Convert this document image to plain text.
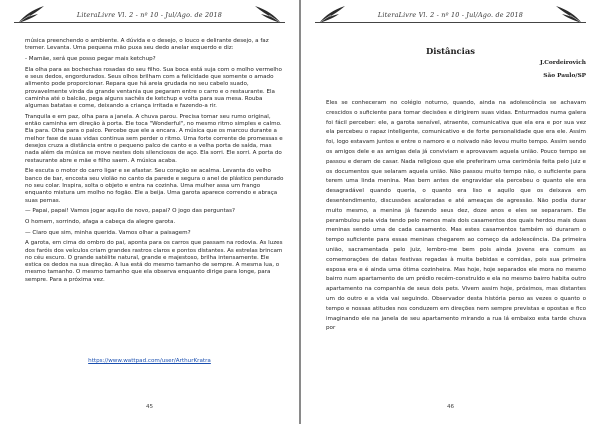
LiteraLivre Vl. 2 - nº 10 - Jul/Ago. de 2018

música preenchendo o ambiente. A dúvida e o desejo, o louco e delirante desejo, a faz tremer. Levanta. Uma pequena mão puxa seu dedo anelar esquerdo e diz:

- Mamãe, será que posso pegar mais ketchup?

Ela olha para as bochechas rosadas do seu filho. Sua boca está suja com o molho vermelho e seus dedos, engordurados. Seus olhos brilham com a felicidade que somente o amado alimento pode proporcionar. Repara que há areia grudada no seu cabelo suado, provavelmente vinda da grande ventania que pegaram entre o carro e o restaurante. Ela caminha até o balcão, pega alguns sachês de ketchup e volta para sua mesa. Rouba algumas batatas e come, deixando a criança irritada e fazendo-a rir.

Tranquila e em paz, olha para a janela. A chuva parou. Precisa tomar seu rumo original, então caminha em direção à porta. Ele toca "Wonderful", no mesmo ritmo simples e calmo. Ela para. Olha para o palco. Percebe que ele a encara. A música que os marcou durante a melhor fase de suas vidas continua sem perder o ritmo. Uma forte corrente de promessas e desejos cruza a distância entre o pequeno palco de canto e a velha porta de saída, mas nada além da música se move nestes dois silenciosos de aço. Ela sorri. Ele sorri. A porta do restaurante abre e mãe e filho saem. A música acaba.

Ele escuta o motor do carro ligar e se afastar. Seu coração se acalma. Levanta do velho banco de bar, encosta seu violão no canto da parede e segura o anel de plástico pendurado no seu colar. Inspira, solta o objeto e entra na cozinha. Uma mulher assa um frango enquanto mistura um molho no fogão. Ele a beija. Uma garota aparece correndo e abraça suas pernas.

— Papai, papai! Vamos jogar aquilo de novo, papai? O jogo das perguntas?

O homem, sorrindo, afaga a cabeça da alegre garota.

— Claro que sim, minha querida. Vamos olhar a paisagem?

A garota, em cima do ombro do pai, aponta para os carros que passam na rodovia. As luzes dos faróis dos veículos criam grandes rastros claros e pontos distantes. As estrelas brincam no céu escuro. O grande satélite natural, grande e majestoso, brilha intensamente. Ele estica os dedos na sua direção. A lua está do mesmo tamanho de sempre. A mesma lua, o mesmo tamanho. O mesmo tamanho que ela observa enquanto dirige para longe, para sempre. Para a próxima vez.

https://www.wattpad.com/user/ArthurKratra
45
LiteraLivre Vl. 2 - nº 10 - Jul/Ago. de 2018
Distâncias
J.Cordeirovich
São Paulo/SP

Eles se conheceram no colégio noturno, quando, ainda na adolescência se achavam crescidos o suficiente para tomar decisões e dirigirem suas vidas. Enturmados numa galera foi fácil perceber: ele, a garota sensível, atraente, comunicativa que ela era e por sua vez ela percebeu o rapaz inteligente, comunicativo e de forte personalidade que era ele. Assim foi, logo estavam juntos e entre o namoro e o noivado não levou muito tempo. Assim sendo os amigos dele e as amigas dela já conviviam e aprovavam aquela união. Pouco tempo se passou e deram de casar. Nada religioso que ele preferiram uma cerimônia feita pelo juiz e os documentos que selaram aquela união. Não passou muito tempo não, o suficiente para terem uma linda menina. Mas bem antes de engravidar ela percebeu o quanto ele era desagradável quando queria, o quanto era liso e aquilo que os deixava em desentendimento, discussões acaloradas e até ameaças de agressão. Não podia durar muito mesmo, a menina já fazendo seus dez, doze anos e eles se separaram. Ele perambulou pela vida tendo pelo menos mais dois casamentos dos quais herdou mais duas meninas sendo uma de cada casamento. Mas estes casamentos também só duraram o tempo suficiente para essas meninas chegarem ao começo da adolescência. Da primeira união, sacramentada pelo juiz, lembro-me bem pois ainda jovens era comum as comemorações de datas festivas regadas à muita bebidas e comidas, pois sua primeira esposa era e é ainda uma ótima cozinheira. Mas hoje, hoje separados ele mora no mesmo bairro num apartamento de um prédio recém-construído e ela no mesmo bairro habita outro apartamento na companhia de seus dois pets. Vivem assim hoje, próximos, mas distantes um do outro e a vida vai seguindo. Observador desta história perso as vezes o quanto o tempo e nossas atitudes nos conduzem em direções nem sempre previstas e opostas e fico imaginando ele na janela de seu apartamento mirando a rua lá embaixo esta tarde chuva por

46
